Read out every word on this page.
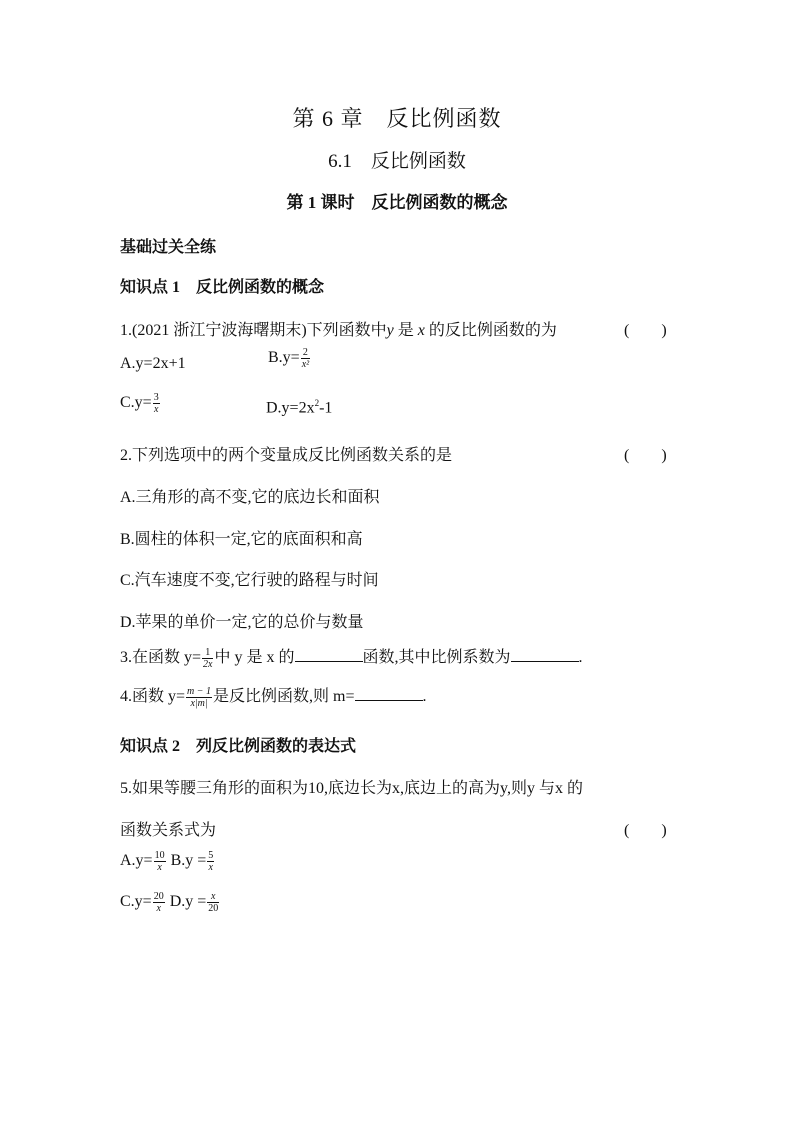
第 6 章　反比例函数
6.1　反比例函数
第 1 课时　反比例函数的概念
基础过关全练
知识点 1　反比例函数的概念
1.(2021 浙江宁波海曙期末)下列函数中y 是 x 的反比例函数的为	(　　)
A.y=2x+1	$B.y= \frac{2}{\text{x²}}$
$C.y= \frac{3}{x}$	$D.y=2x^2-1$
2.下列选项中的两个变量成反比例函数关系的是	(　　)
A.三角形的高不变,它的底边长和面积
B.圆柱的体积一定,它的底面积和高
C.汽车速度不变,它行驶的路程与时间
D.苹果的单价一定,它的总价与数量
3.在函数 $y= \frac{1}{2x}$ 中 y 是 x 的	函数,其中比例系数为	.
4.函数 $y= \frac{m - 1}{x|m|}$ 是反比例函数,则 m=	.
知识点 2　列反比例函数的表达式
5.如果等腰三角形的面积为10,底边长为x,底边上的高为y,则y 与x 的
函数关系式为	(　　)
$A.y= \frac{10}{x} B.y = \frac{5}{x}$
$C.y= \frac{20}{x} D.y = \frac{x}{20}$
